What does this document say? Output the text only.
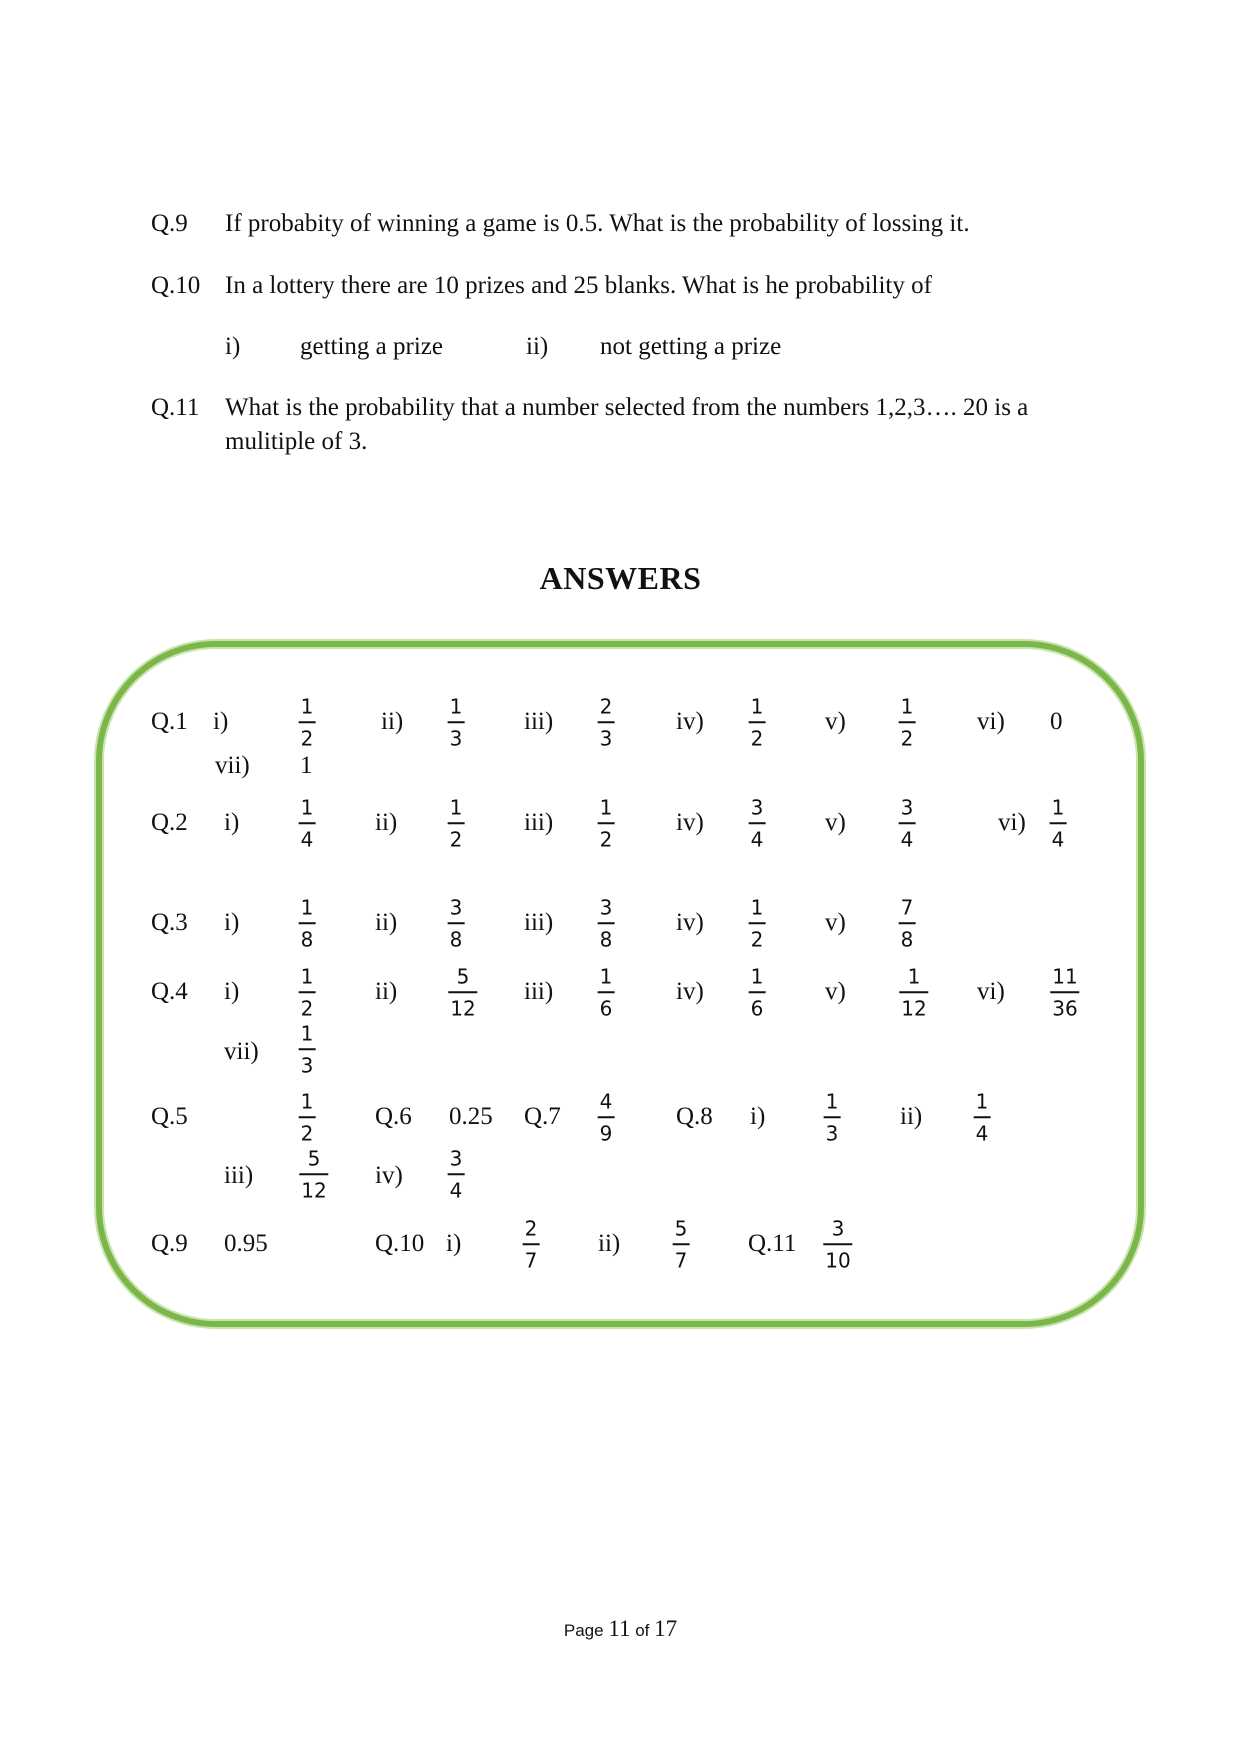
Q.9 If probabity of winning a game is 0.5. What is the probability of lossing it.
Q.10 In a lottery there are 10 prizes and 25 blanks. What is he probability of
i) getting a prize	ii) not getting a prize
Q.11 What is the probability that a number selected from the numbers 1,2,3…. 20 is a
mulitiple of 3.
ANSWERS
Q.1 i)
1
2
ii)
1
3
iii)
2
3
iv)
1
2
v)
1
2
vi) 0
vii) 1
Q.2 i)
1
4
ii)
1
2
iii)
1
2
iv)
3
4
v)
3
4
vi)
1
4
Q.3 i)
1
8
ii)
3
8
iii)
3
8
iv)
1
2
v)
7
8
Q.4 i)
1
2
ii)
5
12
iii)
1
6
iv)
1
6
v)
1
12
vi)
11
36
vii)
1
3
Q.5
1
2
Q.6 0.25 Q.7
4
9
Q.8 i)
1
3
ii)
1
4
iii)
5
12
iv)
3
4
Q.9 0.95	Q.10 i)
2
7
ii)
5
7
Q.11
3
10
Page 11 of 17
